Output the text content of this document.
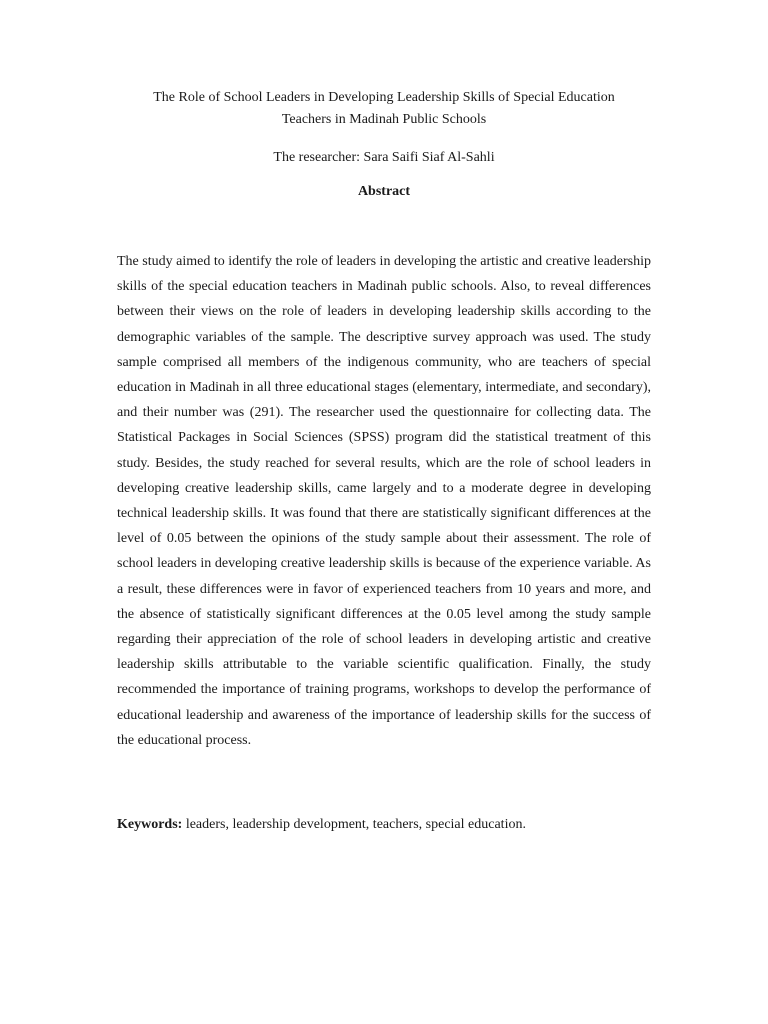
The Role of School Leaders in Developing Leadership Skills of Special Education
Teachers in Madinah Public Schools
The researcher: Sara Saifi Siaf Al-Sahli
Abstract

The study aimed to identify the role of leaders in developing the artistic and creative leadership skills of the special education teachers in Madinah public schools. Also, to reveal differences between their views on the role of leaders in developing leadership skills according to the demographic variables of the sample. The descriptive survey approach was used. The study sample comprised all members of the indigenous community, who are teachers of special education in Madinah in all three educational stages (elementary, intermediate, and secondary), and their number was (291). The researcher used the questionnaire for collecting data. The Statistical Packages in Social Sciences (SPSS) program did the statistical treatment of this study. Besides, the study reached for several results, which are the role of school leaders in developing creative leadership skills, came largely and to a moderate degree in developing technical leadership skills. It was found that there are statistically significant differences at the level of 0.05 between the opinions of the study sample about their assessment. The role of school leaders in developing creative leadership skills is because of the experience variable. As a result, these differences were in favor of experienced teachers from 10 years and more, and the absence of statistically significant differences at the 0.05 level among the study sample regarding their appreciation of the role of school leaders in developing artistic and creative leadership skills attributable to the variable scientific qualification. Finally, the study recommended the importance of training programs, workshops to develop the performance of educational leadership and awareness of the importance of leadership skills for the success of the educational process.

Keywords: leaders, leadership development, teachers, special education.
